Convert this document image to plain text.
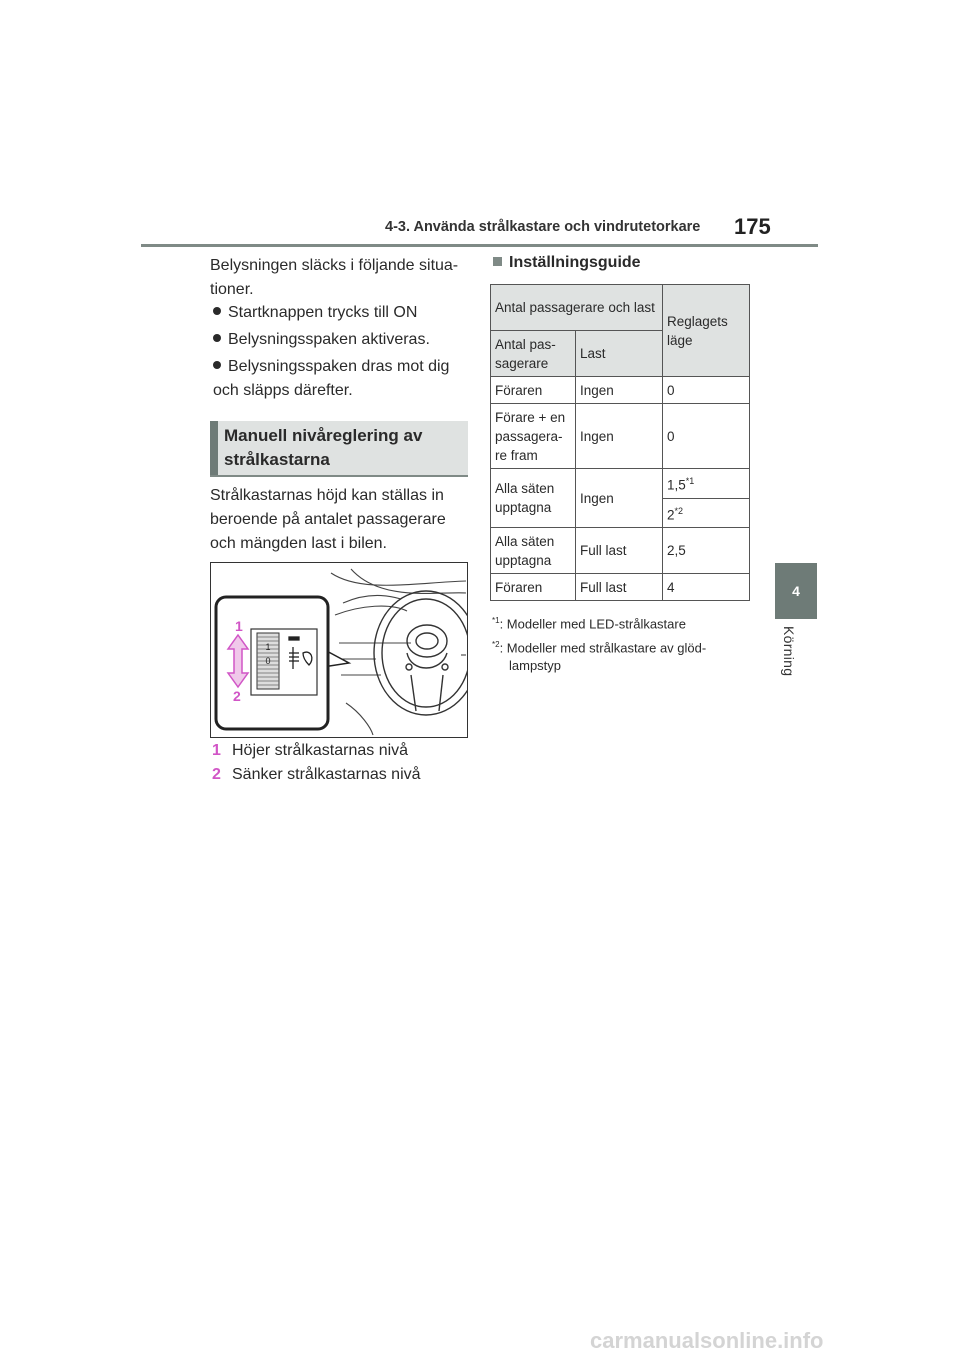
4-3. Använda strålkastare och vindrutetorkare 175
4
Körning
Belysningen släcks i följande situa-tioner.
Startknappen trycks till ON
Belysningsspaken aktiveras.
Belysningsspaken dras mot dig och släpps därefter.
Manuell nivåreglering av strålkastarna
Strålkastarnas höjd kan ställas in beroende på antalet passagerare och mängden last i bilen.
1
0
1
2
1 Höjer strålkastarnas nivå
2 Sänker strålkastarnas nivå
Inställningsguide
Antal passagerare och last		Reglagets läge
Antal pas-sagerare	Last	
Föraren	Ingen	0
Förare + en passagera-re fram	Ingen	0
Alla säten upptagna	Ingen	1,5$^{*1}$
		2$^{*2}$
Alla säten upptagna	Full last	2,5
Föraren	Full last	4
$^{*1}$: Modeller med LED-strålkastare
$^{*2}$: Modeller med strålkastare av glöd-
lampstyp
carmanualsonline.info
